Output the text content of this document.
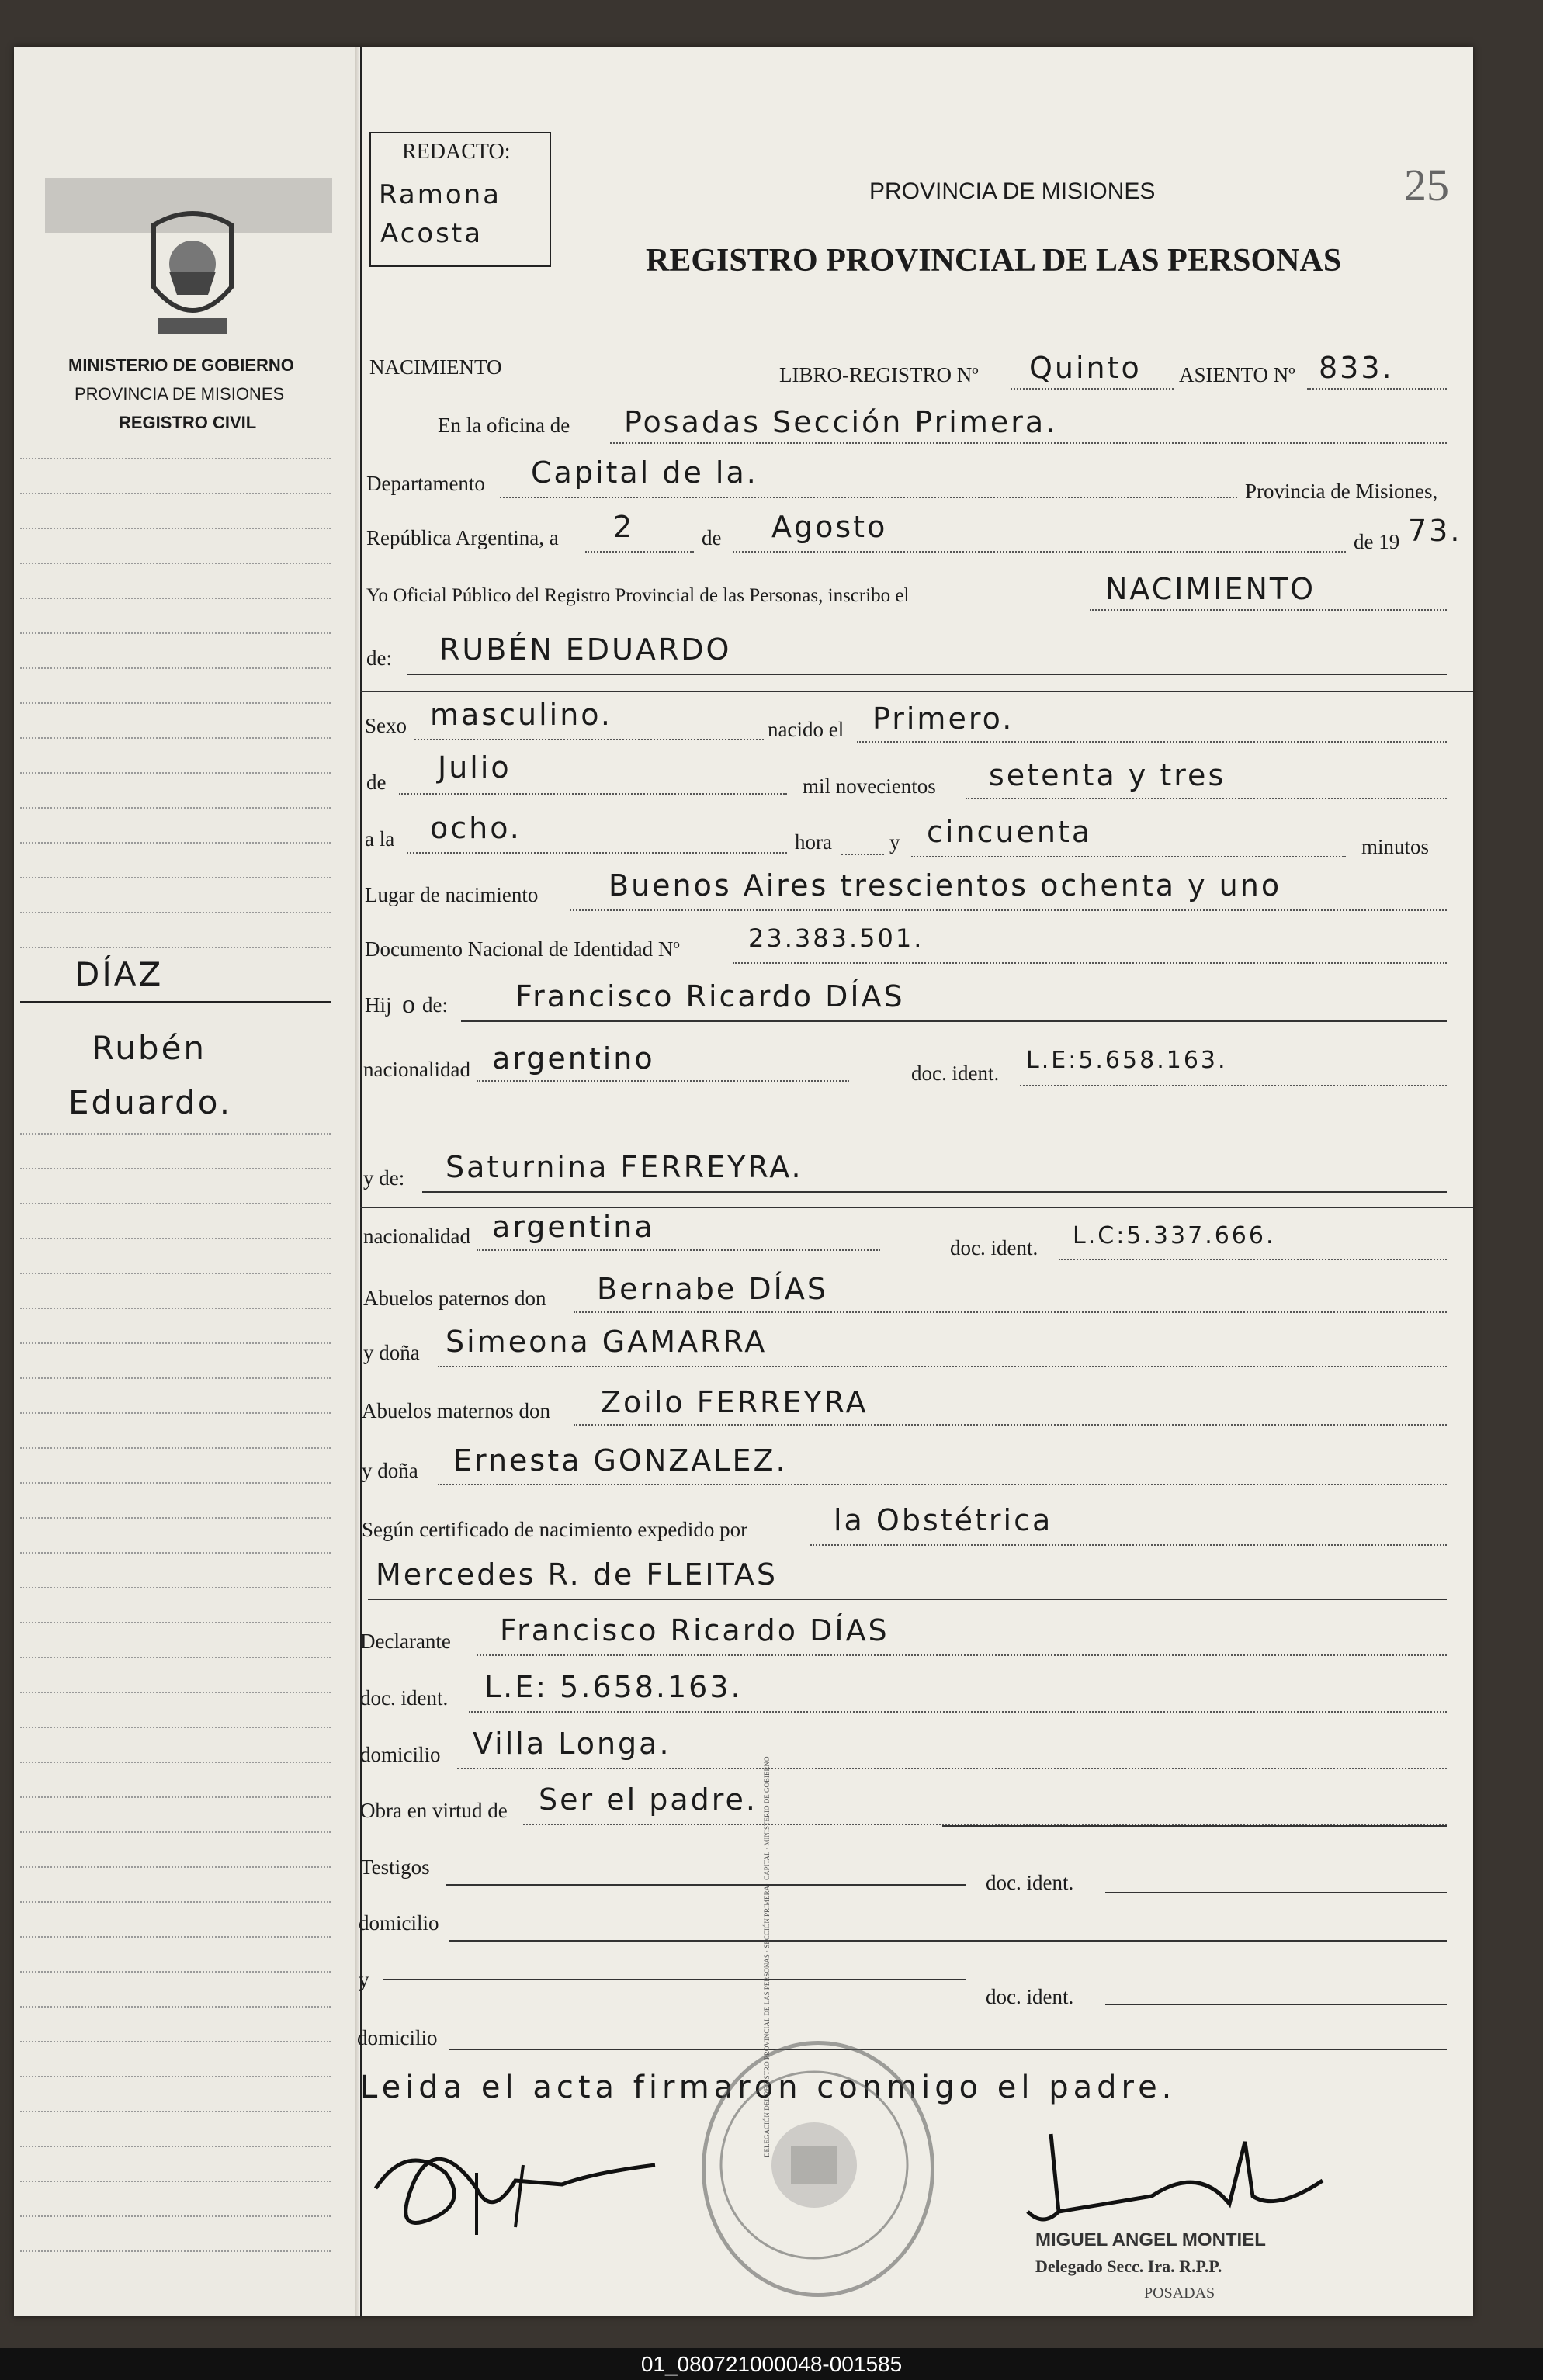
MINISTERIO DE GOBIERNO
PROVINCIA DE MISIONES
REGISTRO CIVIL
DÍAZ
Rubén
Eduardo.
REDACTO:
Ramona
Acosta
PROVINCIA DE MISIONES
REGISTRO PROVINCIAL DE LAS PERSONAS
25
NACIMIENTO	LIBRO-REGISTRO Nº Quinto ASIENTO Nº 833.
En la oficina de Posadas Sección Primera.
Departamento Capital de la.
Provincia de Misiones,
República Argentina, a 2	de Agosto	de 19 73.
Yo Oficial Público del Registro Provincial de las Personas, inscribo el	NACIMIENTO
de: RUBÉN EDUARDO
Sexo masculino.	nacido el Primero.
de Julio
mil novecientos setenta y tres
a la ocho.	hora	y cincuenta	minutos
Lugar de nacimiento Buenos Aires trescientos ochenta y uno
Documento Nacional de Identidad Nº	23.383.501.
Hij o de: Francisco Ricardo DÍAS
nacionalidad argentino	doc. ident. L.E:5.658.163.
y de: Saturnina FERREYRA.
nacionalidad argentina
doc. ident. L.C:5.337.666.
Abuelos paternos don Bernabe DÍAS
y doña Simeona GAMARRA
Abuelos maternos don Zoilo FERREYRA
y doña Ernesta GONZALEZ.
Según certificado de nacimiento expedido por	la Obstétrica
Mercedes R. de FLEITAS
Declarante Francisco Ricardo DÍAS
doc. ident. L.E: 5.658.163.
domicilio Villa Longa.
Obra en virtud de Ser el padre.
Testigos
doc. ident.
domicilio
y
doc. ident.
domicilio
Leida el acta firmaron conmigo el padre.
DELEGACIÓN DEL REGISTRO PROVINCIAL DE LAS PERSONAS · SECCIÓN PRIMERA · CAPITAL · MINISTERIO DE GOBIERNO
MIGUEL ANGEL MONTIEL
Delegado Secc. Ira. R.P.P.
POSADAS
01_080721000048-001585
